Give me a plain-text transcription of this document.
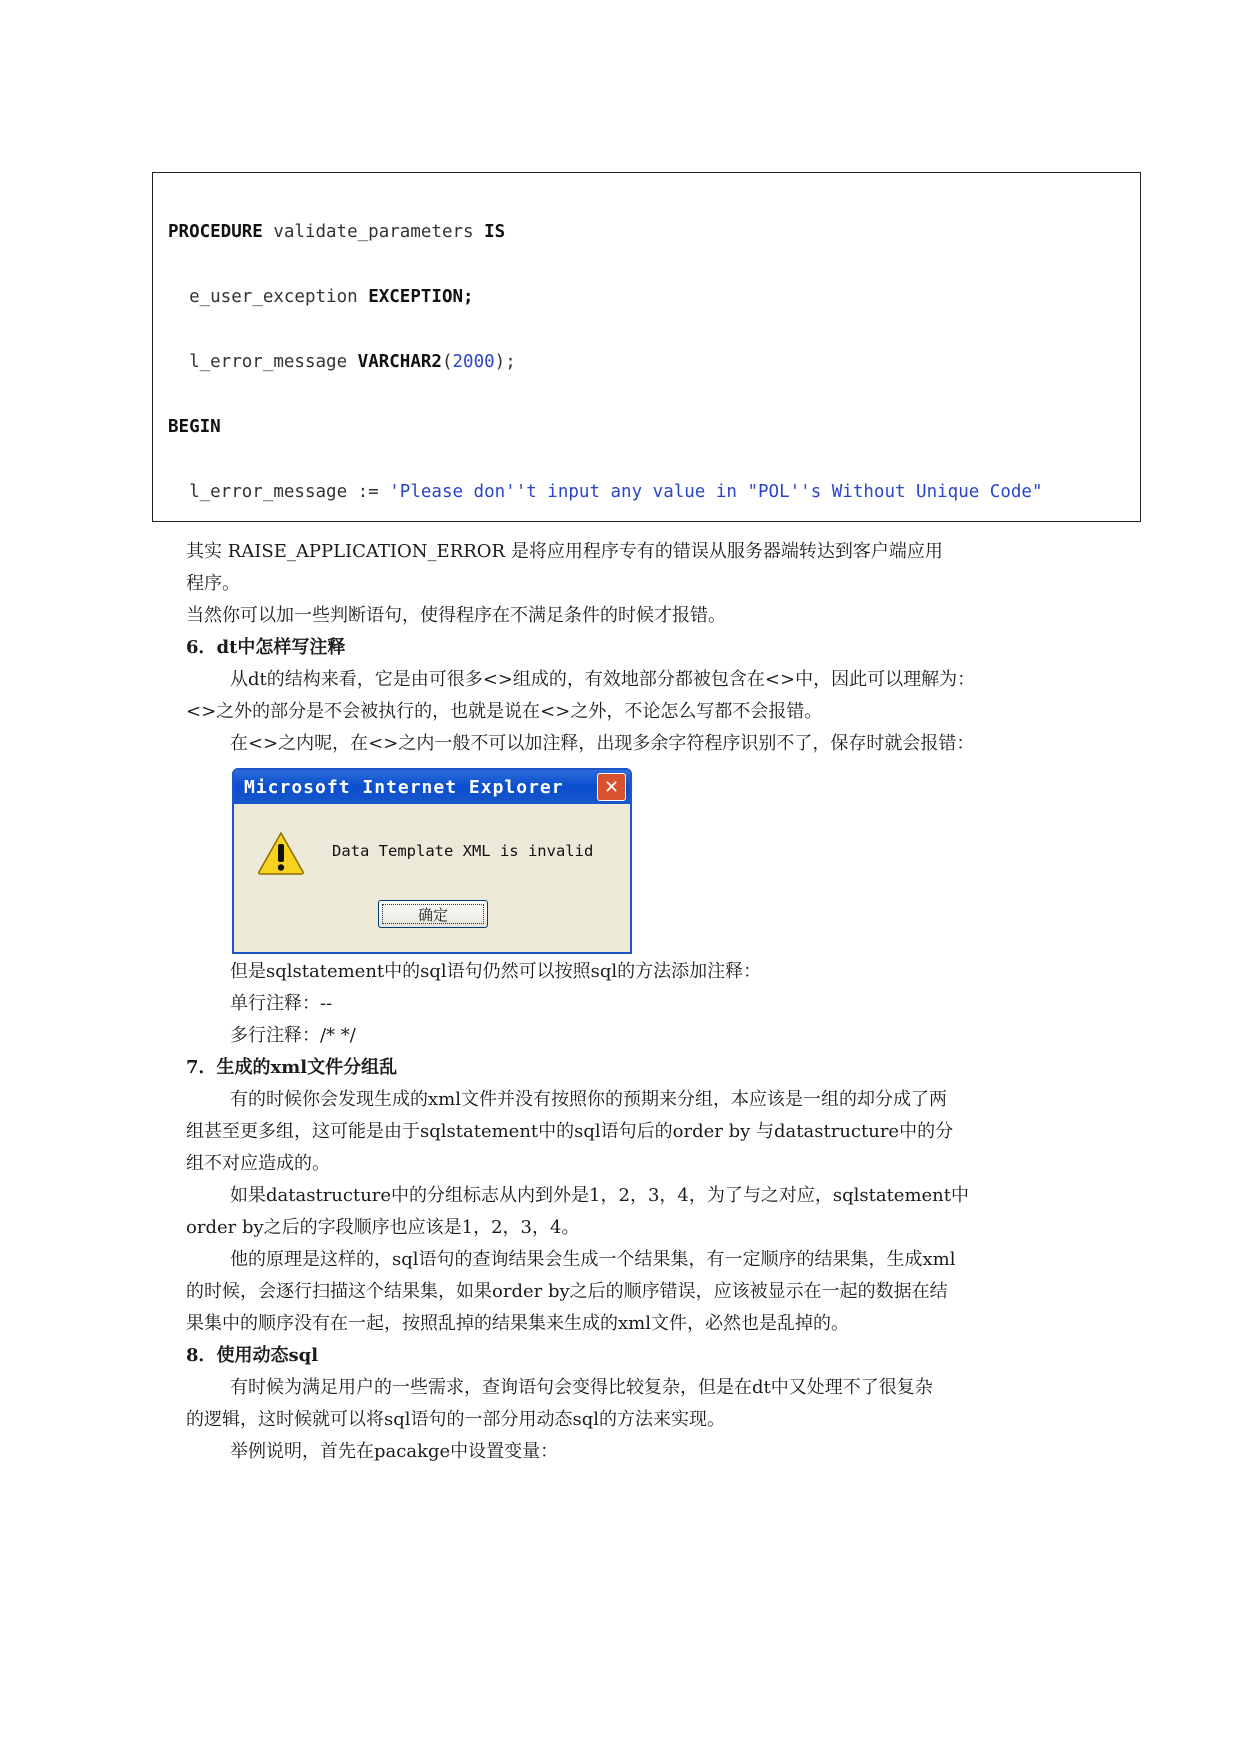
PROCEDURE validate_parameters IS

e_user_exception EXCEPTION;

l_error_message VARCHAR2(2000);

BEGIN

l_error_message := 'Please don''t input any value in "POL''s Without Unique Code"

其实 RAISE_APPLICATION_ERROR 是将应用程序专有的错误从服务器端转达到客户端应用
程序。
当然你可以加一些判断语句，使得程序在不满足条件的时候才报错。
6．dt中怎样写注释
从dt的结构来看，它是由可很多<>组成的，有效地部分都被包含在<>中，因此可以理解为：
<>之外的部分是不会被执行的，也就是说在<>之外，不论怎么写都不会报错。
在<>之内呢，在<>之内一般不可以加注释，出现多余字符程序识别不了，保存时就会报错：
Microsoft Internet Explorer	✕
Data Template XML is invalid
确定
但是sqlstatement中的sql语句仍然可以按照sql的方法添加注释：
单行注释：--
多行注释：/* */
7．生成的xml文件分组乱
有的时候你会发现生成的xml文件并没有按照你的预期来分组，本应该是一组的却分成了两
组甚至更多组，这可能是由于sqlstatement中的sql语句后的order by 与datastructure中的分
组不对应造成的。
如果datastructure中的分组标志从内到外是1，2，3，4，为了与之对应，sqlstatement中
order by之后的字段顺序也应该是1，2，3，4。
他的原理是这样的，sql语句的查询结果会生成一个结果集，有一定顺序的结果集，生成xml
的时候，会逐行扫描这个结果集，如果order by之后的顺序错误，应该被显示在一起的数据在结
果集中的顺序没有在一起，按照乱掉的结果集来生成的xml文件，必然也是乱掉的。
8．使用动态sql
有时候为满足用户的一些需求，查询语句会变得比较复杂，但是在dt中又处理不了很复杂
的逻辑，这时候就可以将sql语句的一部分用动态sql的方法来实现。
举例说明，首先在pacakge中设置变量：
